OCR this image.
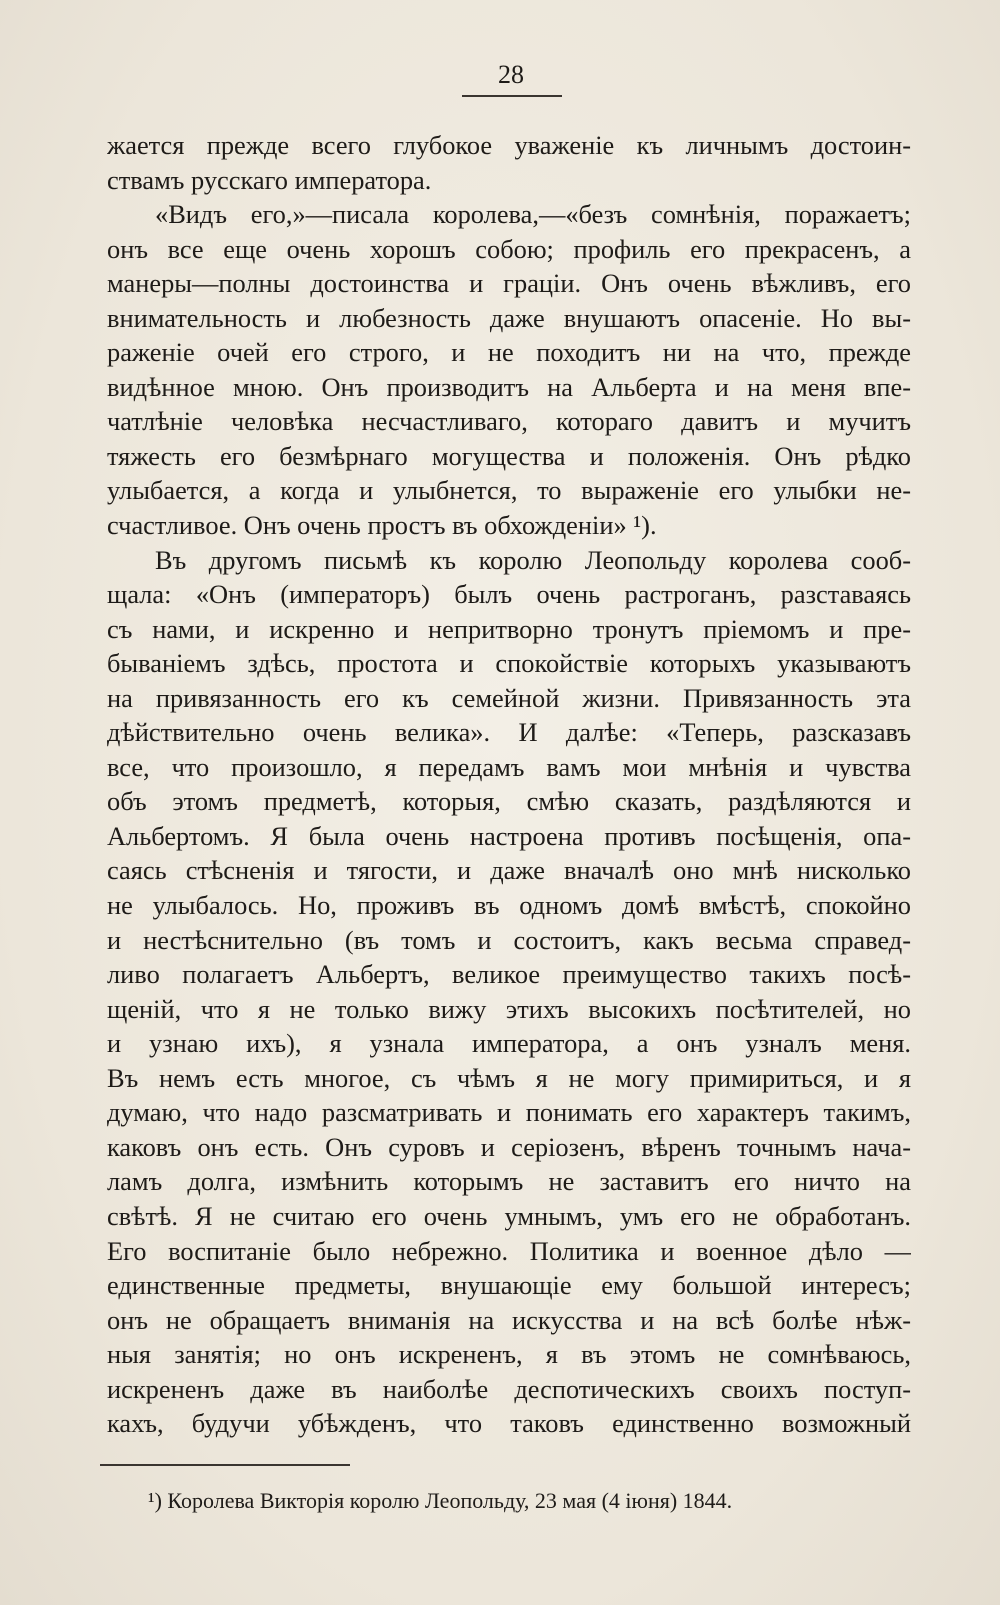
28
жается прежде всего глубокое уваженіе къ личнымъ достоин-
ствамъ русскаго императора.
«Видъ его,»—писала королева,—«безъ сомнѣнія, поражаетъ;
онъ все еще очень хорошъ собою; профиль его прекрасенъ, а
манеры—полны достоинства и граціи. Онъ очень вѣжливъ, его
внимательность и любезность даже внушаютъ опасеніе. Но вы-
раженіе очей его строго, и не походитъ ни на что, прежде
видѣнное мною. Онъ производитъ на Альберта и на меня впе-
чатлѣніе человѣка несчастливаго, котораго давитъ и мучитъ
тяжесть его безмѣрнаго могущества и положенія. Онъ рѣдко
улыбается, а когда и улыбнется, то выраженіе его улыбки не-
счастливое. Онъ очень простъ въ обхожденіи» ¹).
Въ другомъ письмѣ къ королю Леопольду королева сооб-
щала: «Онъ (императоръ) былъ очень растроганъ, разставаясь
съ нами, и искренно и непритворно тронутъ пріемомъ и пре-
быванiемъ здѣсь, простота и спокойствіе которыхъ указываютъ
на привязанность его къ семейной жизни. Привязанность эта
дѣйствительно очень велика». И далѣе: «Теперь, разсказавъ
все, что произошло, я передамъ вамъ мои мнѣнія и чувства
объ этомъ предметѣ, которыя, смѣю сказать, раздѣляются и
Альбертомъ. Я была очень настроена противъ посѣщенія, опа-
саясь стѣсненія и тягости, и даже вначалѣ оно мнѣ нисколько
не улыбалось. Но, проживъ въ одномъ домѣ вмѣстѣ, спокойно
и нестѣснительно (въ томъ и состоитъ, какъ весьма справед-
ливо полагаетъ Альбертъ, великое преимущество такихъ посѣ-
щеній, что я не только вижу этихъ высокихъ посѣтителей, но
и узнаю ихъ), я узнала императора, а онъ узналъ меня.
Въ немъ есть многое, съ чѣмъ я не могу примириться, и я
думаю, что надо разсматривать и понимать его характеръ такимъ,
каковъ онъ есть. Онъ суровъ и серіозенъ, вѣренъ точнымъ нача-
ламъ долга, измѣнить которымъ не заставитъ его ничто на
свѣтѣ. Я не считаю его очень умнымъ, умъ его не обработанъ.
Его воспитаніе было небрежно. Политика и военное дѣло —
единственные предметы, внушающіе ему большой интересъ;
онъ не обращаетъ вниманія на искусства и на всѣ болѣе нѣж-
ныя занятія; но онъ искрененъ, я въ этомъ не сомнѣваюсь,
искрененъ даже въ наиболѣе деспотическихъ своихъ поступ-
кахъ, будучи убѣжденъ, что таковъ единственно возможный
¹) Королева Викторія королю Леопольду, 23 мая (4 іюня) 1844.
